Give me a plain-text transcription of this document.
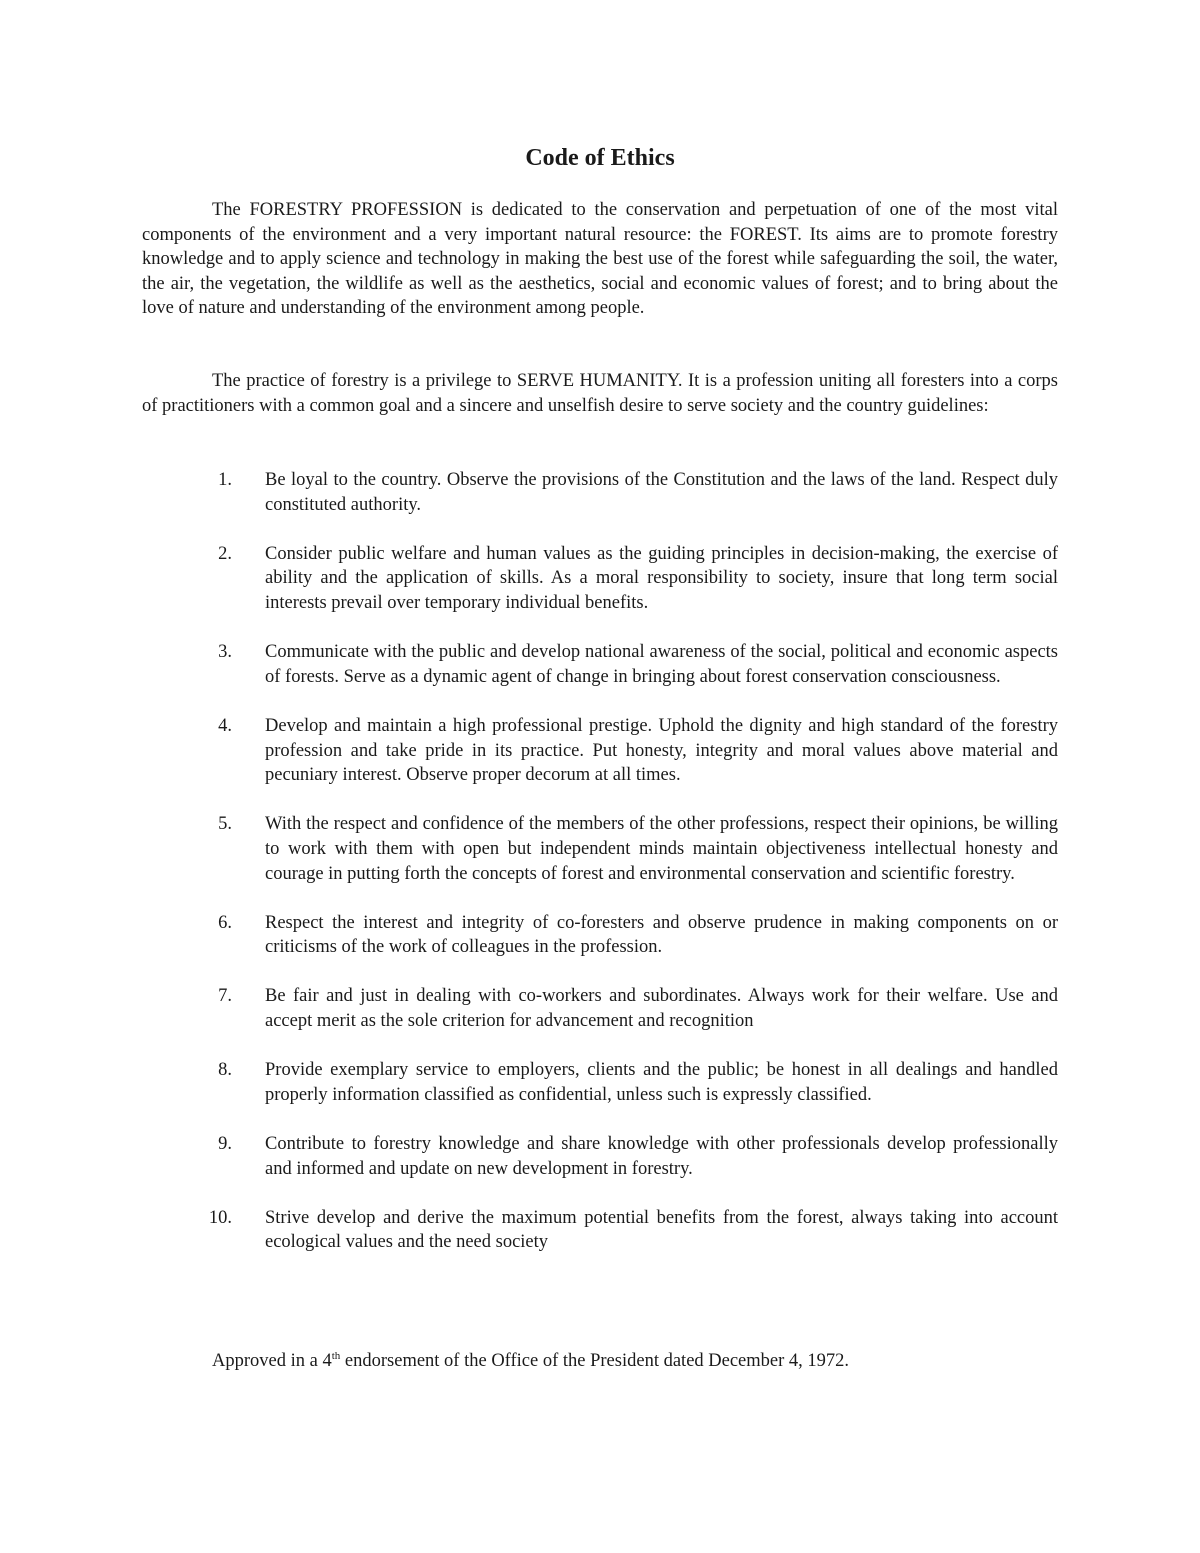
Code of Ethics

The FORESTRY PROFESSION is dedicated to the conservation and perpetuation of one of the most vital components of the environment and a very important natural resource: the FOREST. Its aims are to promote forestry knowledge and to apply science and technology in making the best use of the forest while safeguarding the soil, the water, the air, the vegetation, the wildlife as well as the aesthetics, social and economic values of forest; and to bring about the love of nature and understanding of the environment among people.

The practice of forestry is a privilege to SERVE HUMANITY. It is a profession uniting all foresters into a corps of practitioners with a common goal and a sincere and unselfish desire to serve society and the country guidelines:

1. Be loyal to the country. Observe the provisions of the Constitution and the laws of the land. Respect duly constituted authority.
2. Consider public welfare and human values as the guiding principles in decision-making, the exercise of ability and the application of skills. As a moral responsibility to society, insure that long term social interests prevail over temporary individual benefits.
3. Communicate with the public and develop national awareness of the social, political and economic aspects of forests. Serve as a dynamic agent of change in bringing about forest conservation consciousness.
4. Develop and maintain a high professional prestige. Uphold the dignity and high standard of the forestry profession and take pride in its practice. Put honesty, integrity and moral values above material and pecuniary interest. Observe proper decorum at all times.
5. With the respect and confidence of the members of the other professions, respect their opinions, be willing to work with them with open but independent minds maintain objectiveness intellectual honesty and courage in putting forth the concepts of forest and environmental conservation and scientific forestry.
6. Respect the interest and integrity of co-foresters and observe prudence in making components on or criticisms of the work of colleagues in the profession.
7. Be fair and just in dealing with co-workers and subordinates. Always work for their welfare. Use and accept merit as the sole criterion for advancement and recognition
8. Provide exemplary service to employers, clients and the public; be honest in all dealings and handled properly information classified as confidential, unless such is expressly classified.
9. Contribute to forestry knowledge and share knowledge with other professionals develop professionally and informed and update on new development in forestry.
10. Strive develop and derive the maximum potential benefits from the forest, always taking into account ecological values and the need society

Approved in a 4th endorsement of the Office of the President dated December 4, 1972.
